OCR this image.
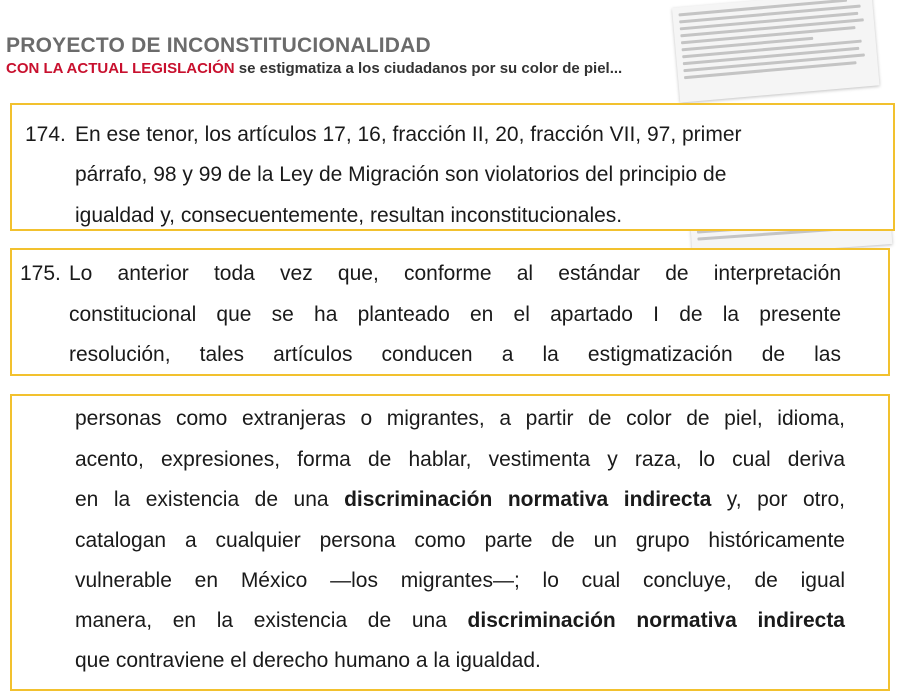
PROYECTO DE INCONSTITUCIONALIDAD
CON LA ACTUAL LEGISLACIÓN se estigmatiza a los ciudadanos por su color de piel...
174. En ese tenor, los artículos 17, 16, fracción II, 20, fracción VII, 97, primer
párrafo, 98 y 99 de la Ley de Migración son violatorios del principio de
igualdad y, consecuentemente, resultan inconstitucionales.
175. Lo anterior toda vez que, conforme al estándar de interpretación
constitucional que se ha planteado en el apartado I de la presente
resolución, tales artículos conducen a la estigmatización de las
personas como extranjeras o migrantes, a partir de color de piel, idioma,
acento, expresiones, forma de hablar, vestimenta y raza, lo cual deriva
en la existencia de una discriminación normativa indirecta y, por otro,
catalogan a cualquier persona como parte de un grupo históricamente
vulnerable en México —los migrantes—; lo cual concluye, de igual
manera, en la existencia de una discriminación normativa indirecta
que contraviene el derecho humano a la igualdad.
